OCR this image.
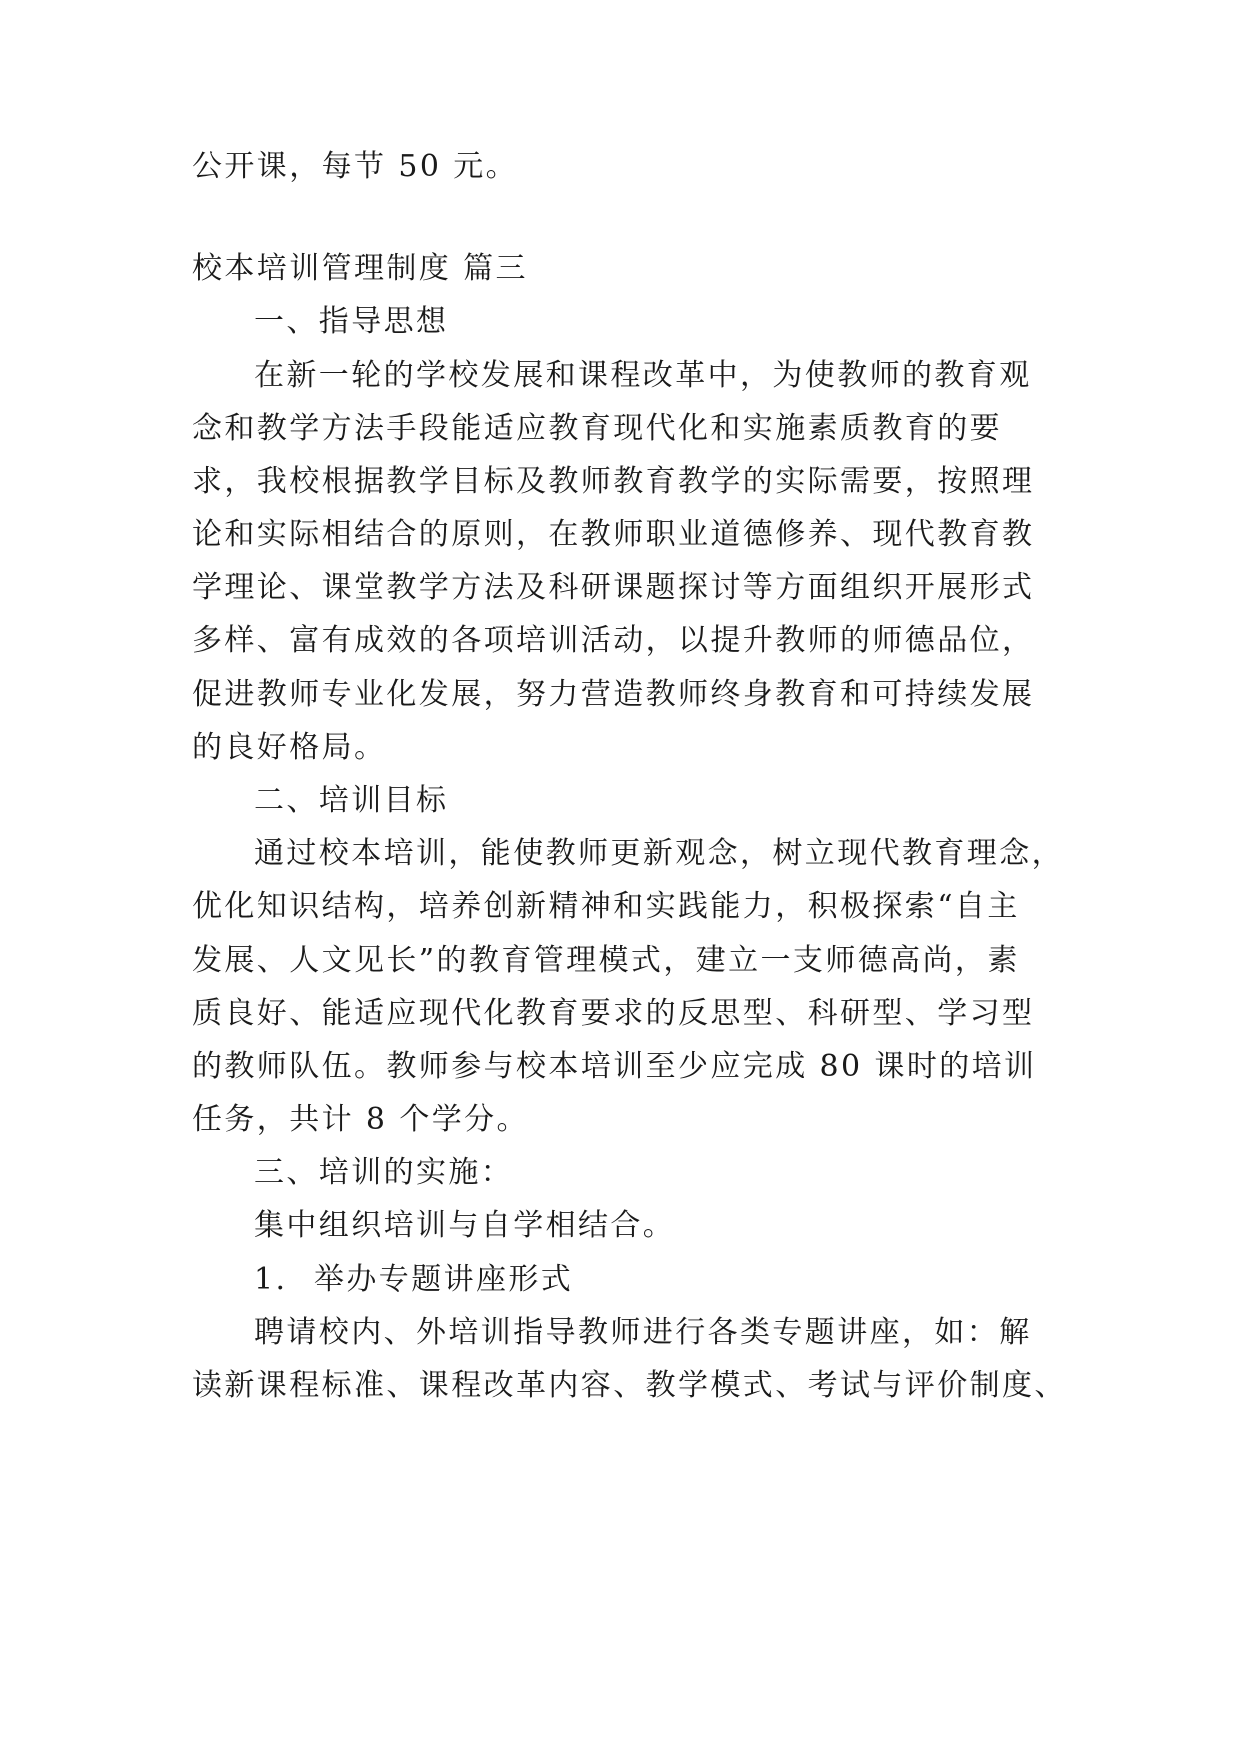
公开课，每节 50 元。

校本培训管理制度 篇三

一、指导思想

在新一轮的学校发展和课程改革中，为使教师的教育观

念和教学方法手段能适应教育现代化和实施素质教育的要

求，我校根据教学目标及教师教育教学的实际需要，按照理

论和实际相结合的原则，在教师职业道德修养、现代教育教

学理论、课堂教学方法及科研课题探讨等方面组织开展形式

多样、富有成效的各项培训活动，以提升教师的师德品位，

促进教师专业化发展，努力营造教师终身教育和可持续发展

的良好格局。

二、培训目标

通过校本培训，能使教师更新观念，树立现代教育理念，

优化知识结构，培养创新精神和实践能力，积极探索“自主

发展、人文见长”的教育管理模式，建立一支师德高尚，素

质良好、能适应现代化教育要求的反思型、科研型、学习型

的教师队伍。教师参与校本培训至少应完成 80 课时的培训

任务，共计 8 个学分。

三、培训的实施：

集中组织培训与自学相结合。

1. 举办专题讲座形式

聘请校内、外培训指导教师进行各类专题讲座，如：解

读新课程标准、课程改革内容、教学模式、考试与评价制度、
